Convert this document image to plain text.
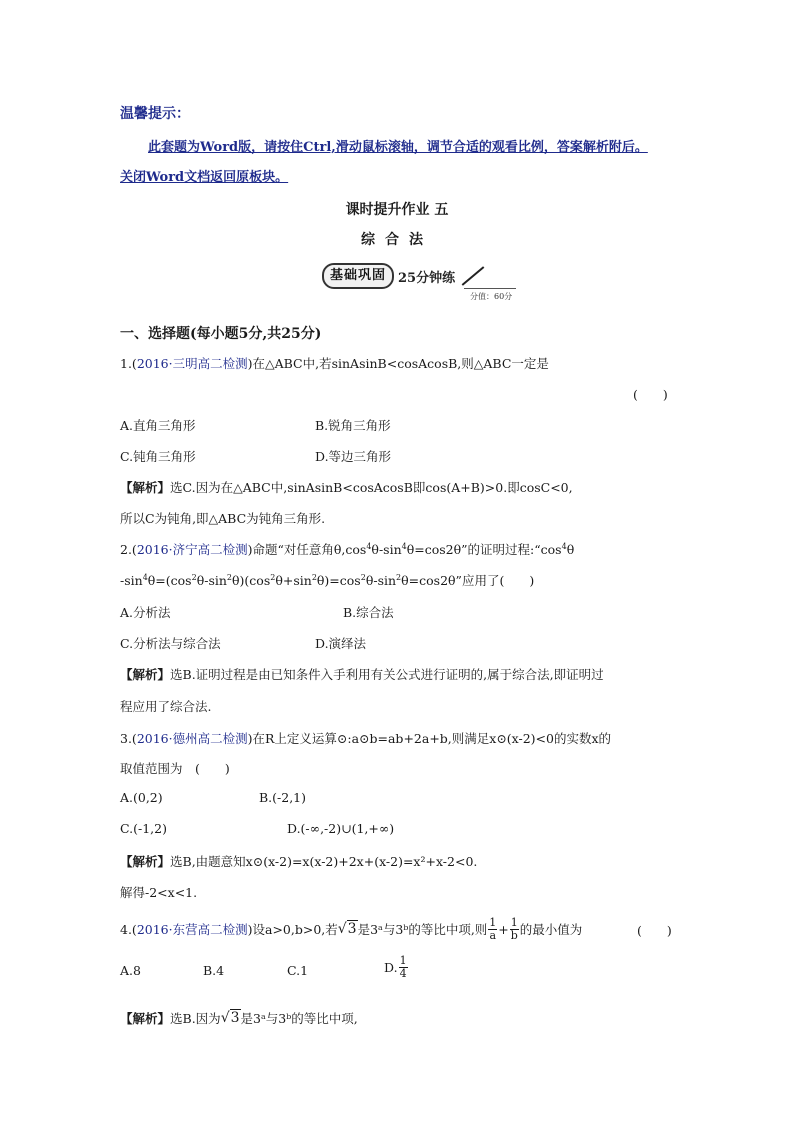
温馨提示：
此套题为Word版，请按住Ctrl,滑动鼠标滚轴，调节合适的观看比例，答案解析附后。
关闭Word文档返回原板块。
课时提升作业 五
综合法
基础巩固 25分钟练
分值：60分
一、选择题(每小题5分,共25分)
1.(2016·三明高二检测)在△ABC中,若sinAsinB<cosAcosB,则△ABC一定是
(　　)
A.直角三角形	B.锐角三角形
C.钝角三角形	D.等边三角形
【解析】选C.因为在△ABC中,sinAsinB<cosAcosB即cos(A+B)>0.即cosC<0,
所以C为钝角,即△ABC为钝角三角形.
2.(2016·济宁高二检测)命题“对任意角$\theta,\cos^4\theta-\sin^4\theta=\cos 2\theta$”的证明过程$:“\cos^4\theta$
$-\sin^4\theta=(\cos^2\theta-\sin^2\theta)(\cos^2\theta+\sin^2\theta)=\cos^2\theta-\sin^2\theta=\cos 2\theta$”应用了(　　)
A.分析法	B.综合法
C.分析法与综合法	D.演绎法
【解析】选B.证明过程是由已知条件入手利用有关公式进行证明的,属于综合法,即证明过
程应用了综合法.
3.(2016·德州高二检测)在R上定义运算⊙:a⊙b=ab+2a+b,则满足x⊙(x-2)<0的实数x的
取值范围为　(　　)
A.(0,2)	B.(-2,1)
C.(-1,2)	D.(-∞,-2)∪(1,+∞)
【解析】选B,由题意知x⊙(x-2)=x(x-2)+2x+(x-2)=x²+x-2<0.
解得-2<x<1.
4.( 2016·东营高二检测 )设a>0,b>0,若 √3 是3ᵃ与3ᵇ的等比中项,则 $\frac{1}{a} + \frac{1}{b}$ 的最小值为	(　　)
A.8	B.4	C.1	D. $\frac{1}{4}$
【解析】 选B.因为 √3 是3ᵃ与3ᵇ的等比中项,
